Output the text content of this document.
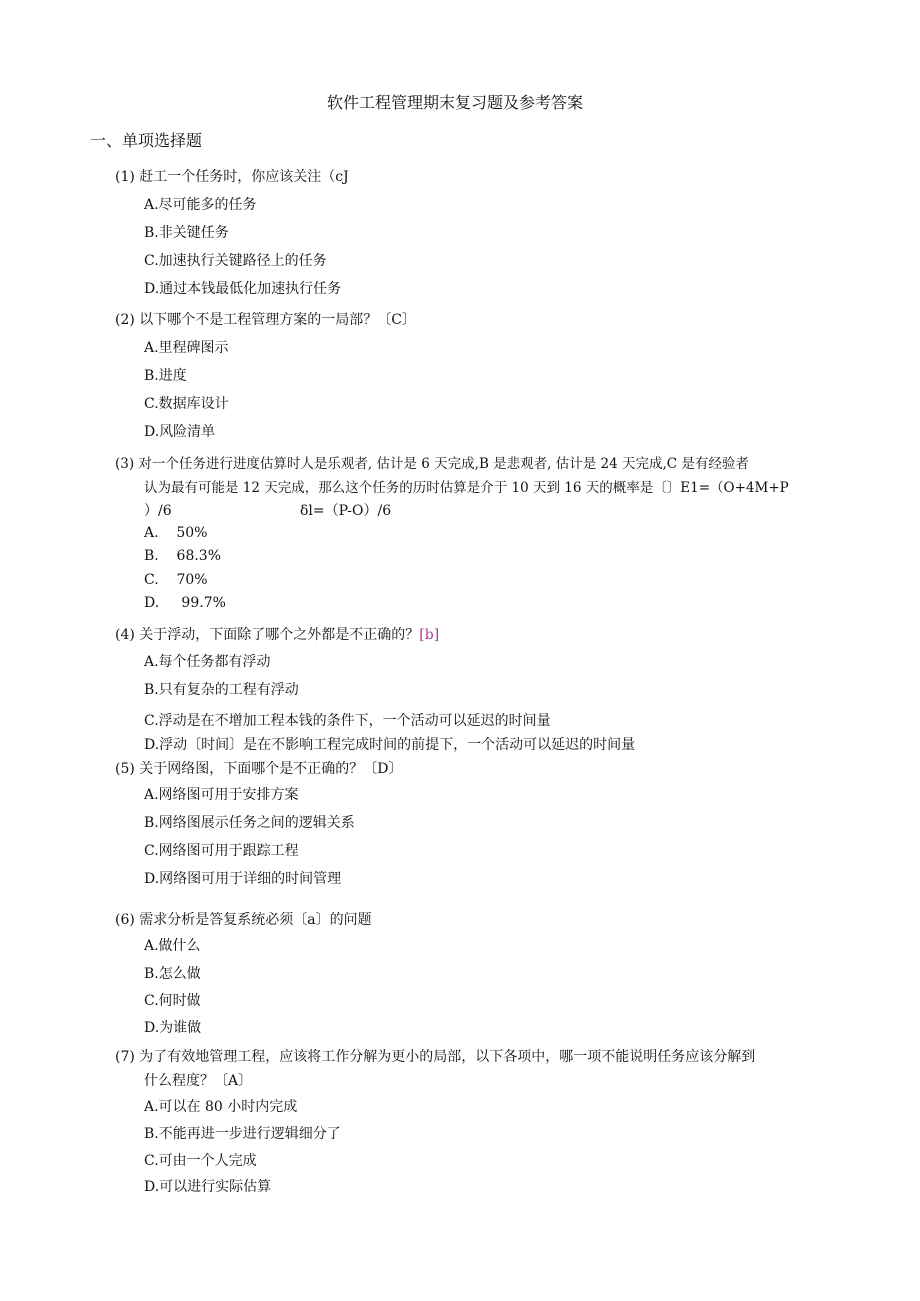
软件工程管理期末复习题及参考答案
一、单项选择题
(1) 赶工一个任务时，你应该关注（cJ
A.尽可能多的任务
B.非关键任务
C.加速执行关键路径上的任务
D.通过本钱最低化加速执行任务
(2) 以下哪个不是工程管理方案的一局部？〔C〕
A.里程碑图示
B.进度
C.数据库设计
D.风险清单
(3) 对一个任务进行进度估算时人是乐观者, 估计是 6 天完成,B 是悲观者, 估计是 24 天完成,C 是有经验者
认为最有可能是 12 天完成，那么这个任务的历时估算是介于 10 天到 16 天的概率是〔〕E1=（O+4M+P
）/6	δl=（P-O）/6
A.    50%
B.    68.3%
C.    70%
D.     99.7%
(4) 关于浮动，下面除了哪个之外都是不正确的？[b]
A.每个任务都有浮动
B.只有复杂的工程有浮动
C.浮动是在不增加工程本钱的条件下，一个活动可以延迟的时间量
D.浮动〔时间〕是在不影响工程完成时间的前提下，一个活动可以延迟的时间量
(5) 关于网络图，下面哪个是不正确的？〔D〕
A.网络图可用于安排方案
B.网络图展示任务之间的逻辑关系
C.网络图可用于跟踪工程
D.网络图可用于详细的时间管理
(6) 需求分析是答复系统必须〔a〕的问题
A.做什么
B.怎么做
C.何时做
D.为谁做
(7) 为了有效地管理工程，应该将工作分解为更小的局部，以下各项中，哪一项不能说明任务应该分解到
什么程度？〔A〕
A.可以在 80 小时内完成
B.不能再进一步进行逻辑细分了
C.可由一个人完成
D.可以进行实际估算
